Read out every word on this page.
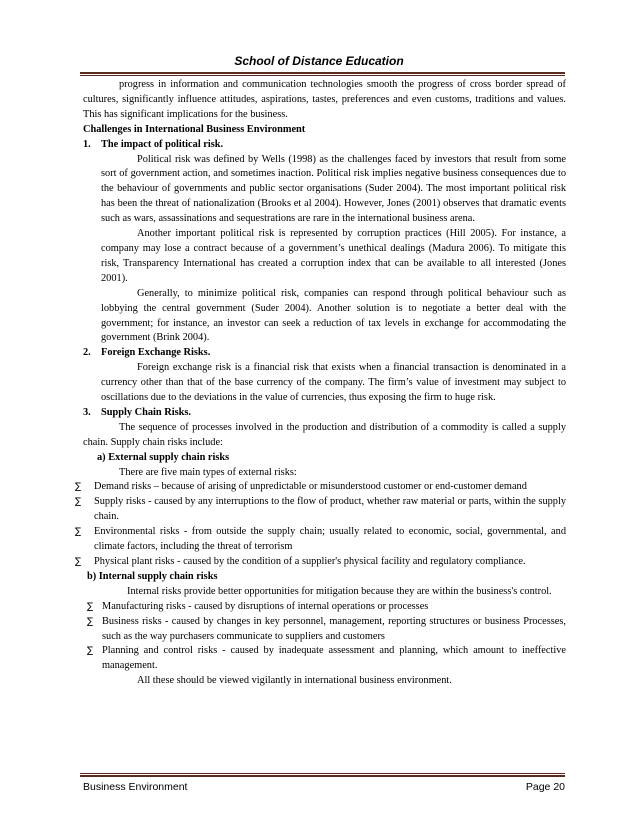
School of Distance Education

progress in information and communication technologies smooth the progress of cross border spread of cultures, significantly influence attitudes, aspirations, tastes, preferences and even customs, traditions and values. This has significant implications for the business.

Challenges in International Business Environment

1. The impact of political risk.

Political risk was defined by Wells (1998) as the challenges faced by investors that result from some sort of government action, and sometimes inaction. Political risk implies negative business consequences due to the behaviour of governments and public sector organisations (Suder 2004). The most important political risk has been the threat of nationalization (Brooks et al 2004). However, Jones (2001) observes that dramatic events such as wars, assassinations and sequestrations are rare in the international business arena.

Another important political risk is represented by corruption practices (Hill 2005). For instance, a company may lose a contract because of a government’s unethical dealings (Madura 2006). To mitigate this risk, Transparency International has created a corruption index that can be available to all interested (Jones 2001).

Generally, to minimize political risk, companies can respond through political behaviour such as lobbying the central government (Suder 2004). Another solution is to negotiate a better deal with the government; for instance, an investor can seek a reduction of tax levels in exchange for accommodating the government (Brink 2004).

2. Foreign Exchange Risks.

Foreign exchange risk is a financial risk that exists when a financial transaction is denominated in a currency other than that of the base currency of the company. The firm’s value of investment may subject to oscillations due to the deviations in the value of currencies, thus exposing the firm to huge risk.

3. Supply Chain Risks.

The sequence of processes involved in the production and distribution of a commodity is called a supply chain. Supply chain risks include:

a) External supply chain risks

There are five main types of external risks:

∑	Demand risks – because of arising of unpredictable or misunderstood customer or end-customer demand
∑	Supply risks - caused by any interruptions to the flow of product, whether raw material or parts, within the supply chain.
∑	Environmental risks - from outside the supply chain; usually related to economic, social, governmental, and climate factors, including the threat of terrorism
∑	Physical plant risks - caused by the condition of a supplier's physical facility and regulatory compliance.

b) Internal supply chain risks

Internal risks provide better opportunities for mitigation because they are within the business's control.

∑ Manufacturing risks - caused by disruptions of internal operations or processes
∑ Business risks - caused by changes in key personnel, management, reporting structures or business Processes, such as the way purchasers communicate to suppliers and customers
∑ Planning and control risks - caused by inadequate assessment and planning, which amount to ineffective management.

All these should be viewed vigilantly in international business environment.

Business Environment	Page 20
